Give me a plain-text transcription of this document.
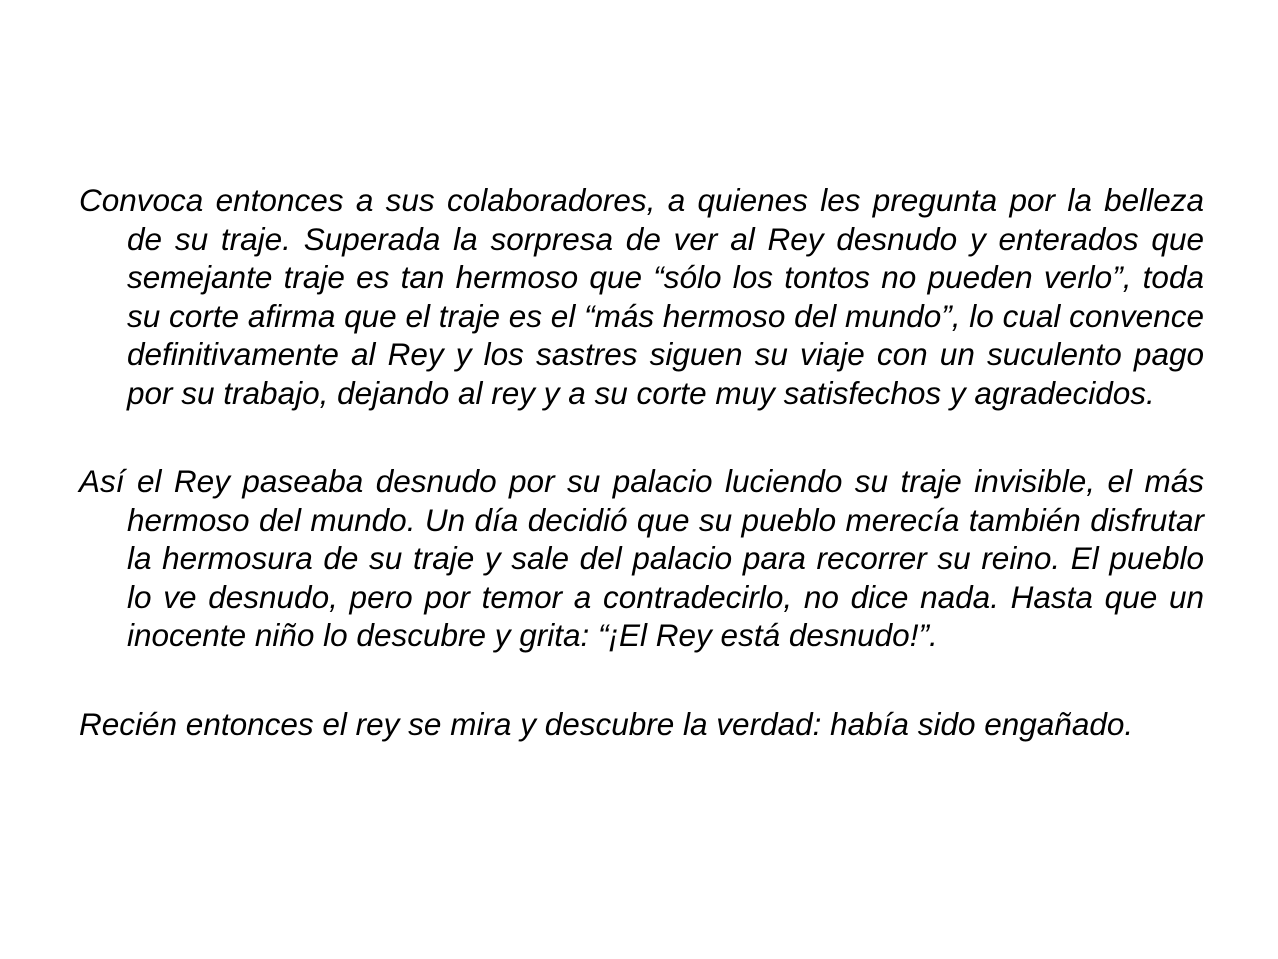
Convoca entonces a sus colaboradores, a quienes les pregunta por la belleza de su traje. Superada la sorpresa de ver al Rey desnudo y enterados que semejante traje es tan hermoso que “sólo los tontos no pueden verlo”, toda su corte afirma que el traje es el “más hermoso del mundo”, lo cual convence definitivamente al Rey y los sastres siguen su viaje con un suculento pago por su trabajo, dejando al rey y a su corte muy satisfechos y agradecidos.

Así el Rey paseaba desnudo por su palacio luciendo su traje invisible, el más hermoso del mundo. Un día decidió que su pueblo merecía también disfrutar la hermosura de su traje y sale del palacio para recorrer su reino. El pueblo lo ve desnudo, pero por temor a contradecirlo, no dice nada. Hasta que un inocente niño lo descubre y grita: “¡El Rey está desnudo!”.

Recién entonces el rey se mira y descubre la verdad: había sido engañado.
